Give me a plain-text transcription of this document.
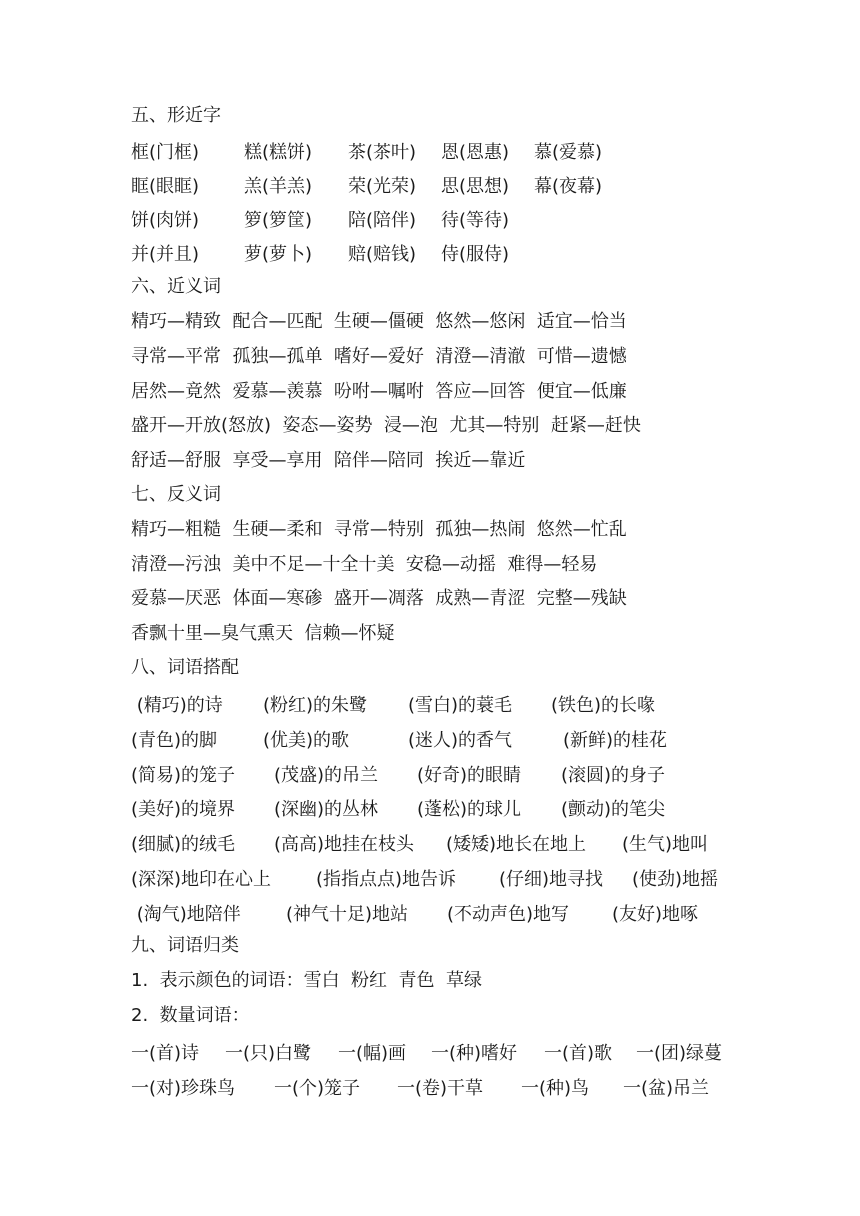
五、形近字
框(门框) 糕(糕饼) 茶(茶叶) 恩(恩惠) 慕(爱慕)
眶(眼眶) 羔(羊羔) 荣(光荣) 思(思想) 幕(夜幕)
饼(肉饼) 箩(箩筐) 陪(陪伴) 待(等待)
并(并且) 萝(萝卜) 赔(赔钱) 侍(服侍)
六、近义词
精巧—精致  配合—匹配  生硬—僵硬  悠然—悠闲  适宜—恰当
寻常—平常  孤独—孤单  嗜好—爱好  清澄—清澈  可惜—遗憾
居然—竟然  爱慕—羡慕  吩咐—嘱咐  答应—回答  便宜—低廉
盛开—开放(怒放)  姿态—姿势  浸—泡  尤其—特别  赶紧—赶快
舒适—舒服  享受—享用  陪伴—陪同  挨近—靠近
七、反义词
精巧—粗糙  生硬—柔和  寻常—特别  孤独—热闹  悠然—忙乱
清澄—污浊  美中不足—十全十美  安稳—动摇  难得—轻易
爱慕—厌恶  体面—寒碜  盛开—凋落  成熟—青涩  完整—残缺
香飘十里—臭气熏天  信赖—怀疑
八、词语搭配
(精巧)的诗 (粉红)的朱鹭 (雪白)的蓑毛 (铁色)的长喙
(青色)的脚	(优美)的歌	(迷人)的香气	(新鲜)的桂花
(简易)的笼子 (茂盛)的吊兰 (好奇)的眼睛 (滚圆)的身子
(美好)的境界 (深幽)的丛林 (蓬松)的球儿 (颤动)的笔尖
(细腻)的绒毛 (高高)地挂在枝头 (矮矮)地长在地上 (生气)地叫
(深深)地印在心上 (指指点点)地告诉 (仔细)地寻找 (使劲)地摇
(淘气)地陪伴	(神气十足)地站 (不动声色)地写 (友好)地啄
九、词语归类
1.  表示颜色的词语：雪白  粉红  青色  草绿
2.  数量词语：
一(首)诗 一(只)白鹭 一(幅)画 一(种)嗜好 一(首)歌 一(团)绿蔓
一(对)珍珠鸟 一(个)笼子 一(卷)干草 一(种)鸟 一(盆)吊兰
